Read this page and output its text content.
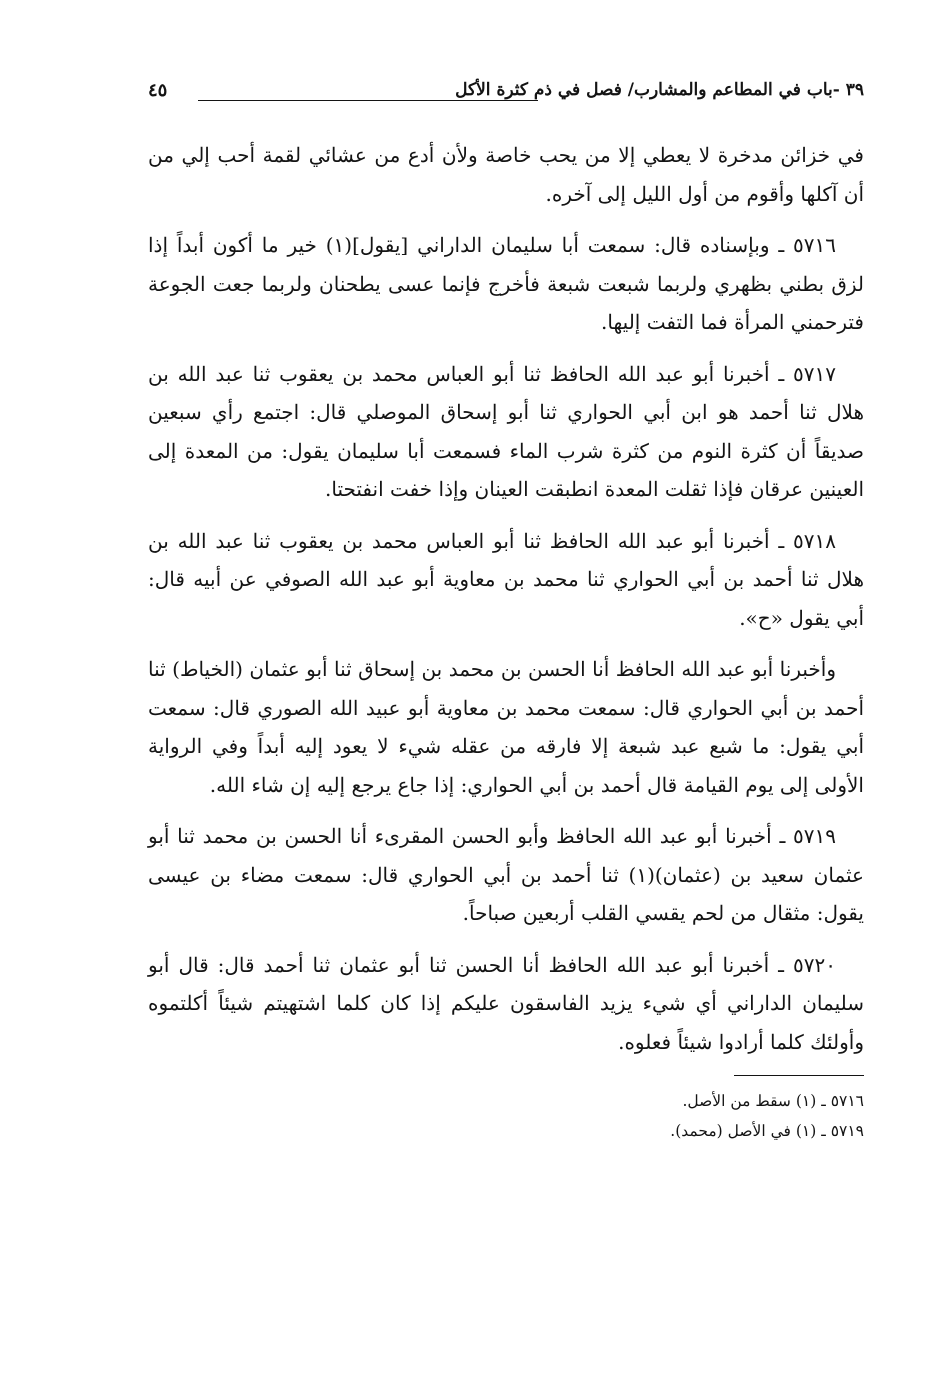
٣٩ -باب في المطاعم والمشارب/ فصل في ذم كثرة الأكل
٤٥

في خزائن مدخرة لا يعطي إلا من يحب خاصة ولأن أدع من عشائي لقمة أحب إلي من أن آكلها وأقوم من أول الليل إلى آخره.

٥٧١٦ ـ وبإسناده قال: سمعت أبا سليمان الداراني [يقول](١) خير ما أكون أبداً إذا لزق بطني بظهري ولربما شبعت شبعة فأخرج فإنما عسى يطحنان ولربما جعت الجوعة فترحمني المرأة فما التفت إليها.

٥٧١٧ ـ أخبرنا أبو عبد الله الحافظ ثنا أبو العباس محمد بن يعقوب ثنا عبد الله بن هلال ثنا أحمد هو ابن أبي الحواري ثنا أبو إسحاق الموصلي قال: اجتمع رأي سبعين صديقاً أن كثرة النوم من كثرة شرب الماء فسمعت أبا سليمان يقول: من المعدة إلى العينين عرقان فإذا ثقلت المعدة انطبقت العينان وإذا خفت انفتحتا.

٥٧١٨ ـ أخبرنا أبو عبد الله الحافظ ثنا أبو العباس محمد بن يعقوب ثنا عبد الله بن هلال ثنا أحمد بن أبي الحواري ثنا محمد بن معاوية أبو عبد الله الصوفي عن أبيه قال: أبي يقول «ح».

وأخبرنا أبو عبد الله الحافظ أنا الحسن بن محمد بن إسحاق ثنا أبو عثمان (الخياط) ثنا أحمد بن أبي الحواري قال: سمعت محمد بن معاوية أبو عبيد الله الصوري قال: سمعت أبي يقول: ما شبع عبد شبعة إلا فارقه من عقله شيء لا يعود إليه أبداً وفي الرواية الأولى إلى يوم القيامة قال أحمد بن أبي الحواري: إذا جاع يرجع إليه إن شاء الله.

٥٧١٩ ـ أخبرنا أبو عبد الله الحافظ وأبو الحسن المقرىء أنا الحسن بن محمد ثنا أبو عثمان سعيد بن (عثمان)(١) ثنا أحمد بن أبي الحواري قال: سمعت مضاء بن عيسى يقول: مثقال من لحم يقسي القلب أربعين صباحاً.

٥٧٢٠ ـ أخبرنا أبو عبد الله الحافظ أنا الحسن ثنا أبو عثمان ثنا أحمد قال: قال أبو سليمان الداراني أي شيء يزيد الفاسقون عليكم إذا كان كلما اشتهيتم شيئاً أكلتموه وأولئك كلما أرادوا شيئاً فعلوه.

٥٧١٦ ـ (١) سقط من الأصل.
٥٧١٩ ـ (١) في الأصل (محمد).
